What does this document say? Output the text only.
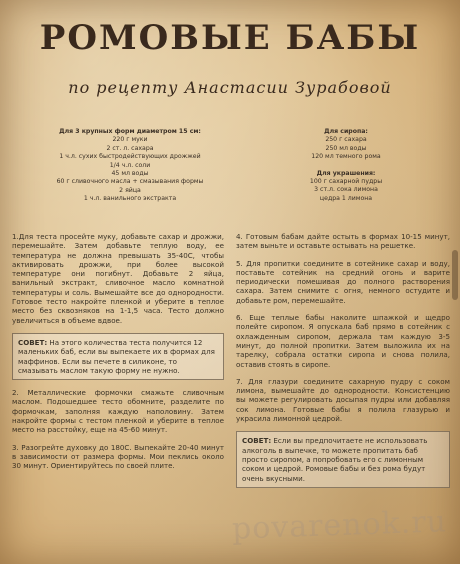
РОМОВЫЕ БАБЫ
по рецепту Анастасии Зурабовой
Для 3 крупных форм диаметром 15 см:
220 г муки
2 ст. л. сахара
1 ч.л. сухих быстродействующих дрожжей
1/4 ч.л. соли
45 мл воды
60 г сливочного масла + смазывания формы
2 яйца
1 ч.л. ванильного экстракта
Для сиропа:
250 г сахара
250 мл воды
120 мл темного рома
Для украшения:
100 г сахарной пудры
3 ст.л. сока лимона
цедра 1 лимона

1.Для теста просейте муку, добавьте сахар и дрожжи, перемешайте. Затем добавьте теплую воду, ее температура не должна превышать 35-40С, чтобы активировать дрожжи, при более высокой температуре они погибнут. Добавьте 2 яйца, ванильный экстракт, сливочное масло комнатной температуры и соль. Вымешайте все до однородности. Готовое тесто накройте пленкой и уберите в теплое место без сквозняков на 1-1,5 часа. Тесто должно увеличиться в объеме вдвое.

СОВЕТ: На этого количества теста получится 12 маленьких баб, если вы выпекаете их в формах для маффинов. Если вы печете в силиконе, то смазывать маслом такую форму не нужно.

2. Металлические формочки смажьте сливочным маслом. Подошедшее тесто обомните, разделите по формочкам, заполняя каждую наполовину. Затем накройте формы с тестом пленкой и уберите в теплое место на расстойку, еще на 45-60 минут.

3. Разогрейте духовку до 180С. Выпекайте 20-40 минут в зависимости от размера формы. Мои пеклись около 30 минут. Ориентируйтесь по своей плите.

4. Готовым бабам дайте остыть в формах 10-15 минут, затем выньте и оставьте остывать на решетке.

5. Для пропитки соедините в сотейнике сахар и воду, поставьте сотейник на средний огонь и варите периодически помешивая до полного растворения сахара. Затем снимите с огня, немного остудите и добавьте ром, перемешайте.

6. Еще теплые бабы наколите шпажкой и щедро полейте сиропом. Я опускала баб прямо в сотейник с охлажденным сиропом, держала там каждую 3-5 минут, до полной пропитки. Затем выложила их на тарелку, собрала остатки сиропа и снова полила, оставив стоять в сиропе.

7. Для глазури соедините сахарную пудру с соком лимона, вымешайте до однородности. Консистенцию вы можете регулировать досыпая пудры или добавляя сок лимона. Готовые бабы я полила глазурью и украсила лимонной цедрой.

СОВЕТ: Если вы предпочитаете не использовать алкоголь в выпечке, то можете пропитать баб просто сиропом, а попробовать его с лимонным соком и цедрой. Ромовые бабы и без рома будут очень вкусными.
povarenok.ru
